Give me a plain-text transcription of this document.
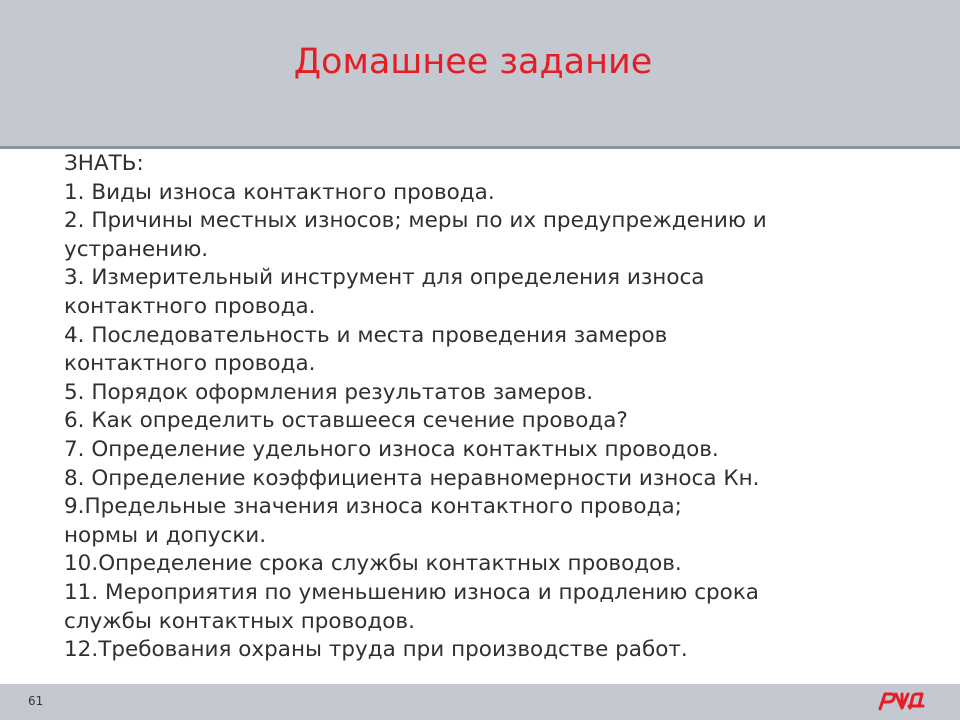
Домашнее задание
ЗНАТЬ:
1. Виды износа контактного провода.
2. Причины местных износов; меры по их предупреждению и
устранению.
3. Измерительный инструмент для определения износа
контактного провода.
4. Последовательность и места проведения замеров
контактного провода.
5. Порядок оформления результатов замеров.
6. Как определить оставшееся сечение провода?
7. Определение удельного износа контактных проводов.
8. Определение коэффициента неравномерности износа Кн.
9.Предельные значения износа контактного провода;
нормы и допуски.
10.Определение срока службы контактных проводов.
11. Мероприятия по уменьшению износа и продлению срока
службы контактных проводов.
12.Требования охраны труда при производстве работ.
61
